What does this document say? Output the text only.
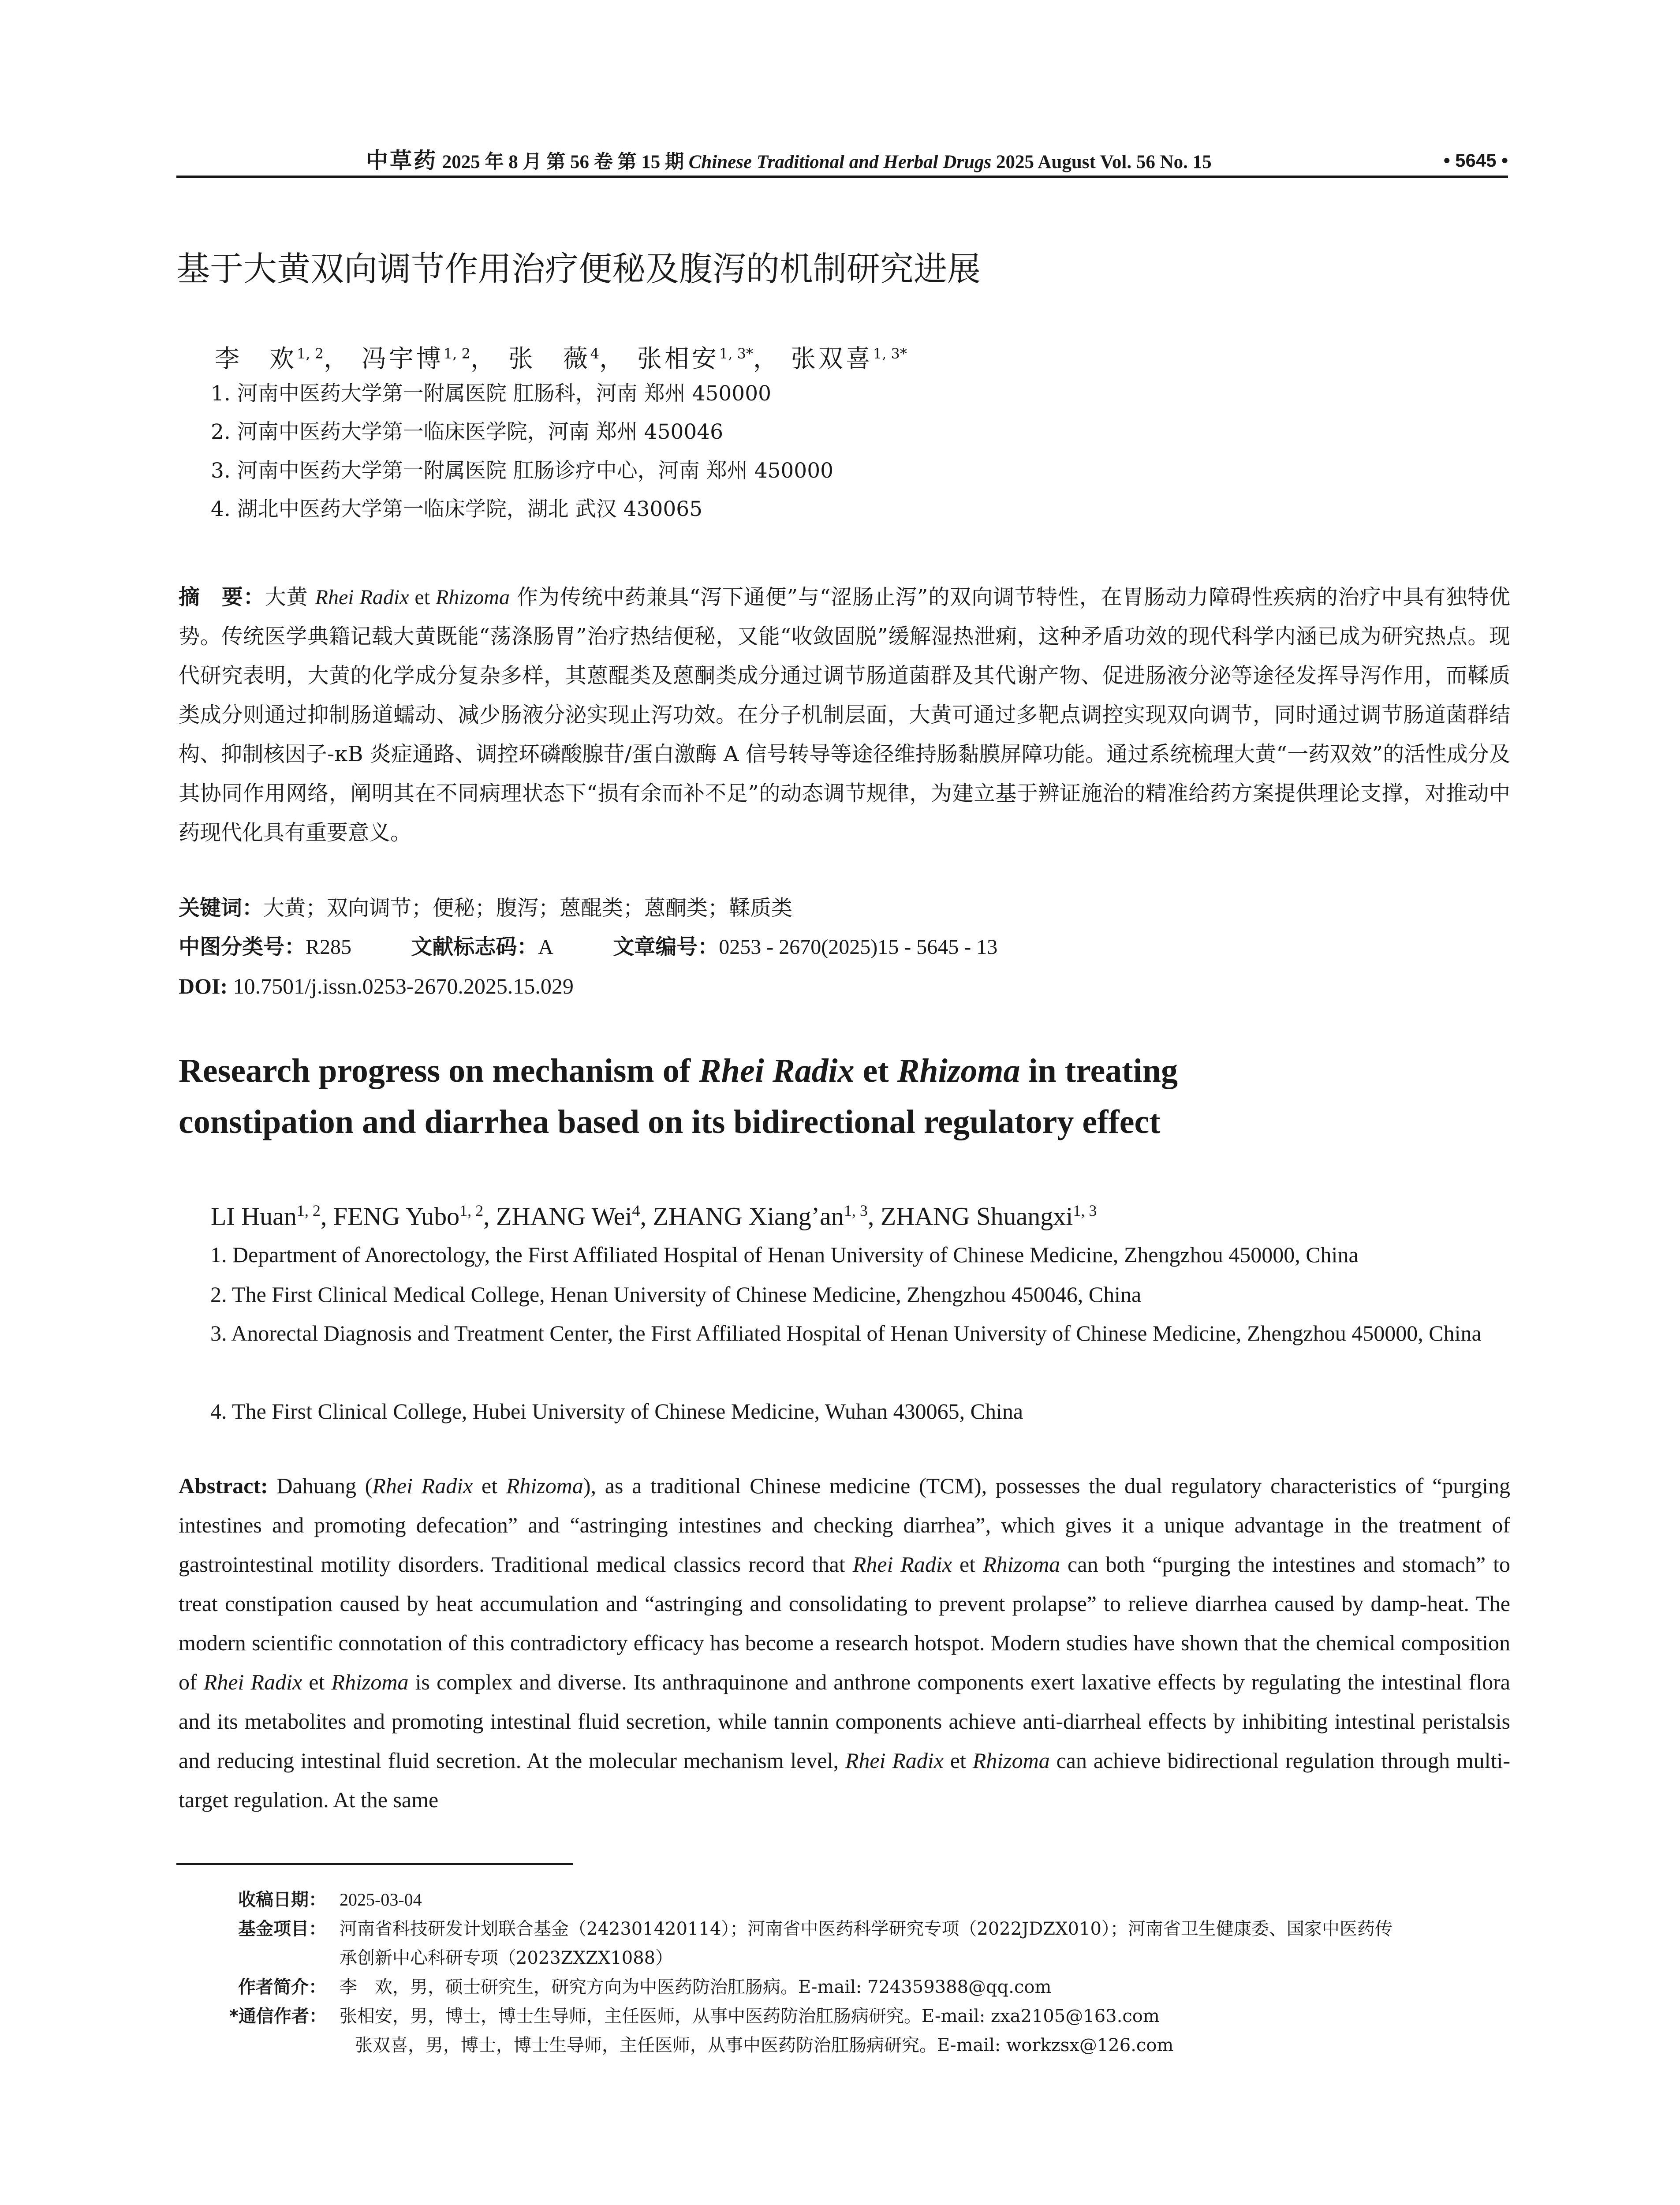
中草药 2025 年 8 月 第 56 卷 第 15 期 Chinese Traditional and Herbal Drugs 2025 August Vol. 56 No. 15	• 5645 •
基于大黄双向调节作用治疗便秘及腹泻的机制研究进展
李　欢$^{1, 2}$， 冯宇博$^{1, 2}$， 张　薇$^4$， 张相安$^{1, 3*}$， 张双喜$^{1, 3*}$
1. 河南中医药大学第一附属医院 肛肠科，河南 郑州 450000
2. 河南中医药大学第一临床医学院，河南 郑州 450046
3. 河南中医药大学第一附属医院 肛肠诊疗中心，河南 郑州 450000
4. 湖北中医药大学第一临床学院，湖北 武汉 430065
摘　要：大黄 Rhei Radix et Rhizoma 作为传统中药兼具“泻下通便”与“涩肠止泻”的双向调节特性，在胃肠动力障碍性疾病的治疗中具有独特优势。传统医学典籍记载大黄既能“荡涤肠胃”治疗热结便秘，又能“收敛固脱”缓解湿热泄痢，这种矛盾功效的现代科学内涵已成为研究热点。现代研究表明，大黄的化学成分复杂多样，其蒽醌类及蒽酮类成分通过调节肠道菌群及其代谢产物、促进肠液分泌等途径发挥导泻作用，而鞣质类成分则通过抑制肠道蠕动、减少肠液分泌实现止泻功效。在分子机制层面，大黄可通过多靶点调控实现双向调节，同时通过调节肠道菌群结构、抑制核因子-κB 炎症通路、调控环磷酸腺苷/蛋白激酶 A 信号转导等途径维持肠黏膜屏障功能。通过系统梳理大黄“一药双效”的活性成分及其协同作用网络，阐明其在不同病理状态下“损有余而补不足”的动态调节规律，为建立基于辨证施治的精准给药方案提供理论支撑，对推动中药现代化具有重要意义。
关键词：大黄；双向调节；便秘；腹泻；蒽醌类；蒽酮类；鞣质类
中图分类号：R285	文献标志码：A	文章编号：0253 - 2670(2025)15 - 5645 - 13
DOI: 10.7501/j.issn.0253-2670.2025.15.029
Research progress on mechanism of Rhei Radix et Rhizoma in treating
constipation and diarrhea based on its bidirectional regulatory effect
LI Huan$^{1, 2}$, FENG Yubo$^{1, 2}$, ZHANG Wei$^4$, ZHANG Xiang’an$^{1, 3}$, ZHANG Shuangxi$^{1, 3}$
1. Department of Anorectology, the First Affiliated Hospital of Henan University of Chinese Medicine, Zhengzhou 450000, China
2. The First Clinical Medical College, Henan University of Chinese Medicine, Zhengzhou 450046, China
3. Anorectal Diagnosis and Treatment Center, the First Affiliated Hospital of Henan University of Chinese Medicine, Zhengzhou 450000, China
4. The First Clinical College, Hubei University of Chinese Medicine, Wuhan 430065, China
Abstract: Dahuang (Rhei Radix et Rhizoma), as a traditional Chinese medicine (TCM), possesses the dual regulatory characteristics of “purging intestines and promoting defecation” and “astringing intestines and checking diarrhea”, which gives it a unique advantage in the treatment of gastrointestinal motility disorders. Traditional medical classics record that Rhei Radix et Rhizoma can both “purging the intestines and stomach” to treat constipation caused by heat accumulation and “astringing and consolidating to prevent prolapse” to relieve diarrhea caused by damp-heat. The modern scientific connotation of this contradictory efficacy has become a research hotspot. Modern studies have shown that the chemical composition of Rhei Radix et Rhizoma is complex and diverse. Its anthraquinone and anthrone components exert laxative effects by regulating the intestinal flora and its metabolites and promoting intestinal fluid secretion, while tannin components achieve anti-diarrheal effects by inhibiting intestinal peristalsis and reducing intestinal fluid secretion. At the molecular mechanism level, Rhei Radix et Rhizoma can achieve bidirectional regulation through multi-target regulation. At the same
收稿日期： 2025-03-04
基金项目： 河南省科技研发计划联合基金（242301420114）；河南省中医药科学研究专项（2022JDZX010）；河南省卫生健康委、国家中医药传
承创新中心科研专项（2023ZXZX1088）
作者简介： 李　欢，男，硕士研究生，研究方向为中医药防治肛肠病。E-mail: 724359388@qq.com
*通信作者： 张相安，男，博士，博士生导师，主任医师，从事中医药防治肛肠病研究。E-mail: zxa2105@163.com
张双喜，男，博士，博士生导师，主任医师，从事中医药防治肛肠病研究。E-mail: workzsx@126.com
